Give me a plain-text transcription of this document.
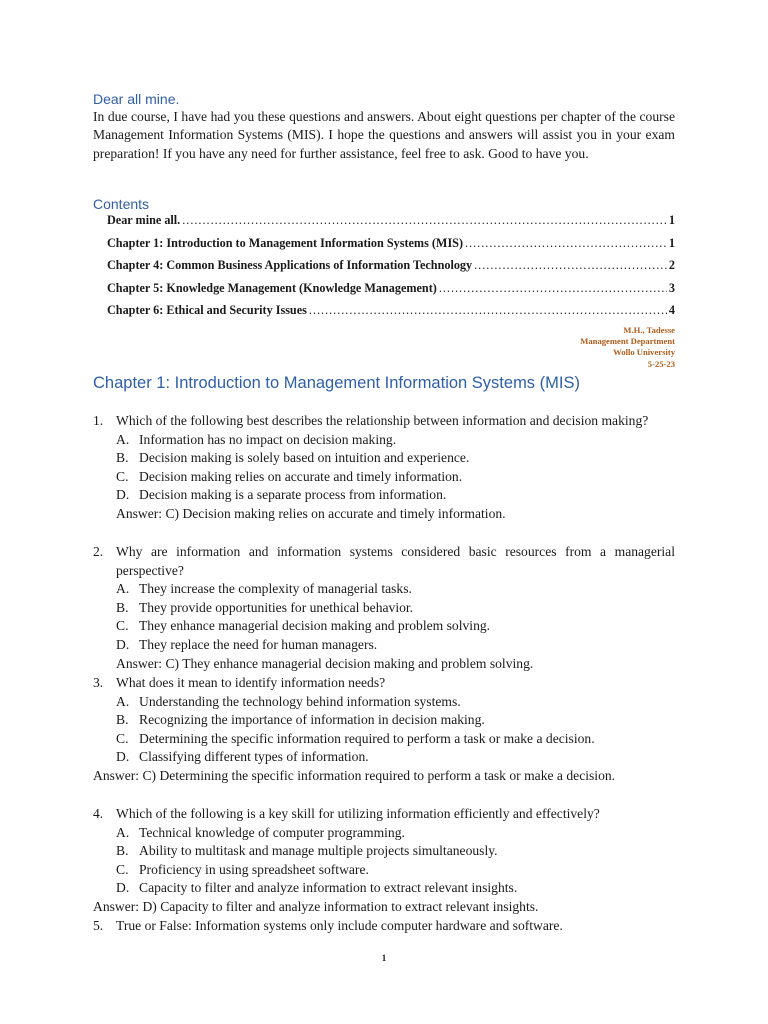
Dear all mine.
In due course, I have had you these questions and answers. About eight questions per chapter of the course Management Information Systems (MIS). I hope the questions and answers will assist you in your exam preparation! If you have any need for further assistance, feel free to ask. Good to have you.
Contents
Dear mine all. .....	1
Chapter 1: Introduction to Management Information Systems (MIS) .....	1
Chapter 4: Common Business Applications of Information Technology .....	2
Chapter 5: Knowledge Management (Knowledge Management) .....	3
Chapter 6: Ethical and Security Issues .....	4
M.H., Tadesse
Management Department
Wollo University
5-25-23
Chapter 1: Introduction to Management Information Systems (MIS)
1. Which of the following best describes the relationship between information and decision making?
A. Information has no impact on decision making.
B. Decision making is solely based on intuition and experience.
C. Decision making relies on accurate and timely information.
D. Decision making is a separate process from information.
Answer: C) Decision making relies on accurate and timely information.
2. Why are information and information systems considered basic resources from a managerial perspective?
A. They increase the complexity of managerial tasks.
B. They provide opportunities for unethical behavior.
C. They enhance managerial decision making and problem solving.
D. They replace the need for human managers.
Answer: C) They enhance managerial decision making and problem solving.
3. What does it mean to identify information needs?
A. Understanding the technology behind information systems.
B. Recognizing the importance of information in decision making.
C. Determining the specific information required to perform a task or make a decision.
D. Classifying different types of information.
Answer: C) Determining the specific information required to perform a task or make a decision.
4. Which of the following is a key skill for utilizing information efficiently and effectively?
A. Technical knowledge of computer programming.
B. Ability to multitask and manage multiple projects simultaneously.
C. Proficiency in using spreadsheet software.
D. Capacity to filter and analyze information to extract relevant insights.
Answer: D) Capacity to filter and analyze information to extract relevant insights.
5. True or False: Information systems only include computer hardware and software.
1
